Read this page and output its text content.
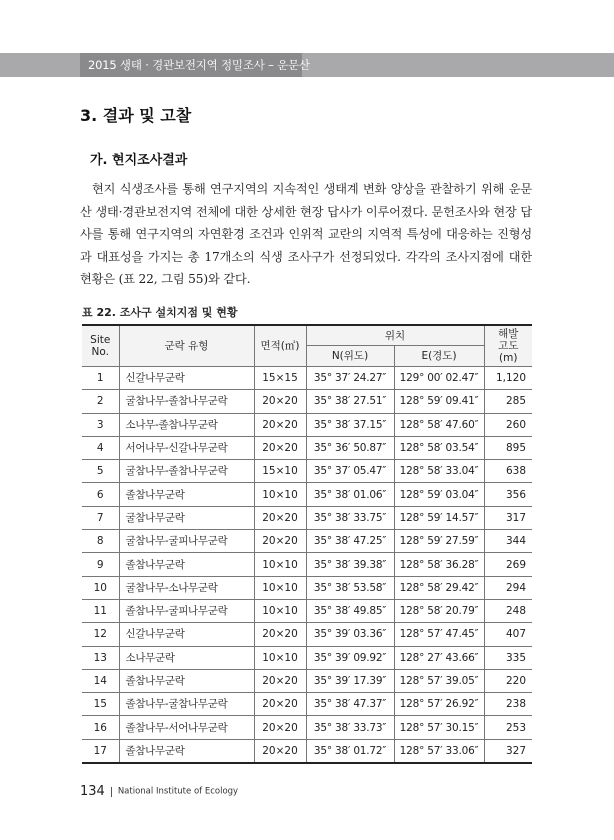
2015 생태 · 경관보전지역 정밀조사 – 운문산
3. 결과 및 고찰
가. 현지조사결과

현지 식생조사를 통해 연구지역의 지속적인 생태계 변화 양상을 관찰하기 위해 운문산 생태·경관보전지역 전체에 대한 상세한 현장 답사가 이루어졌다. 문헌조사와 현장 답사를 통해 연구지역의 자연환경 조건과 인위적 교란의 지역적 특성에 대응하는 진형성과 대표성을 가지는 총 17개소의 식생 조사구가 선정되었다. 각각의 조사지점에 대한 현황은 (표 22, 그림 55)와 같다.

표 22. 조사구 설치지점 및 현황
Site
No.	군락 유형	면적(㎡)	위치		해발
고도
(m)
			N(위도)	E(경도)	
1	신갈나무군락	15×15	35° 37′ 24.27″	129° 00′ 02.47″	1,120
2	굴참나무-졸참나무군락	20×20	35° 38′ 27.51″	128° 59′ 09.41″	285
3	소나무-졸참나무군락	20×20	35° 38′ 37.15″	128° 58′ 47.60″	260
4	서어나무-신갈나무군락	20×20	35° 36′ 50.87″	128° 58′ 03.54″	895
5	굴참나무-졸참나무군락	15×10	35° 37′ 05.47″	128° 58′ 33.04″	638
6	졸참나무군락	10×10	35° 38′ 01.06″	128° 59′ 03.04″	356
7	굴참나무군락	20×20	35° 38′ 33.75″	128° 59′ 14.57″	317
8	굴참나무-굴피나무군락	20×20	35° 38′ 47.25″	128° 59′ 27.59″	344
9	졸참나무군락	10×10	35° 38′ 39.38″	128° 58′ 36.28″	269
10	굴참나무-소나무군락	10×10	35° 38′ 53.58″	128° 58′ 29.42″	294
11	졸참나무-굴피나무군락	10×10	35° 38′ 49.85″	128° 58′ 20.79″	248
12	신갈나무군락	20×20	35° 39′ 03.36″	128° 57′ 47.45″	407
13	소나무군락	10×10	35° 39′ 09.92″	128° 27′ 43.66″	335
14	졸참나무군락	20×20	35° 39′ 17.39″	128° 57′ 39.05″	220
15	졸참나무-굴참나무군락	20×20	35° 38′ 47.37″	128° 57′ 26.92″	238
16	졸참나무-서어나무군락	20×20	35° 38′ 33.73″	128° 57′ 30.15″	253
17	졸참나무군락	20×20	35° 38′ 01.72″	128° 57′ 33.06″	327
134 National Institute of Ecology
